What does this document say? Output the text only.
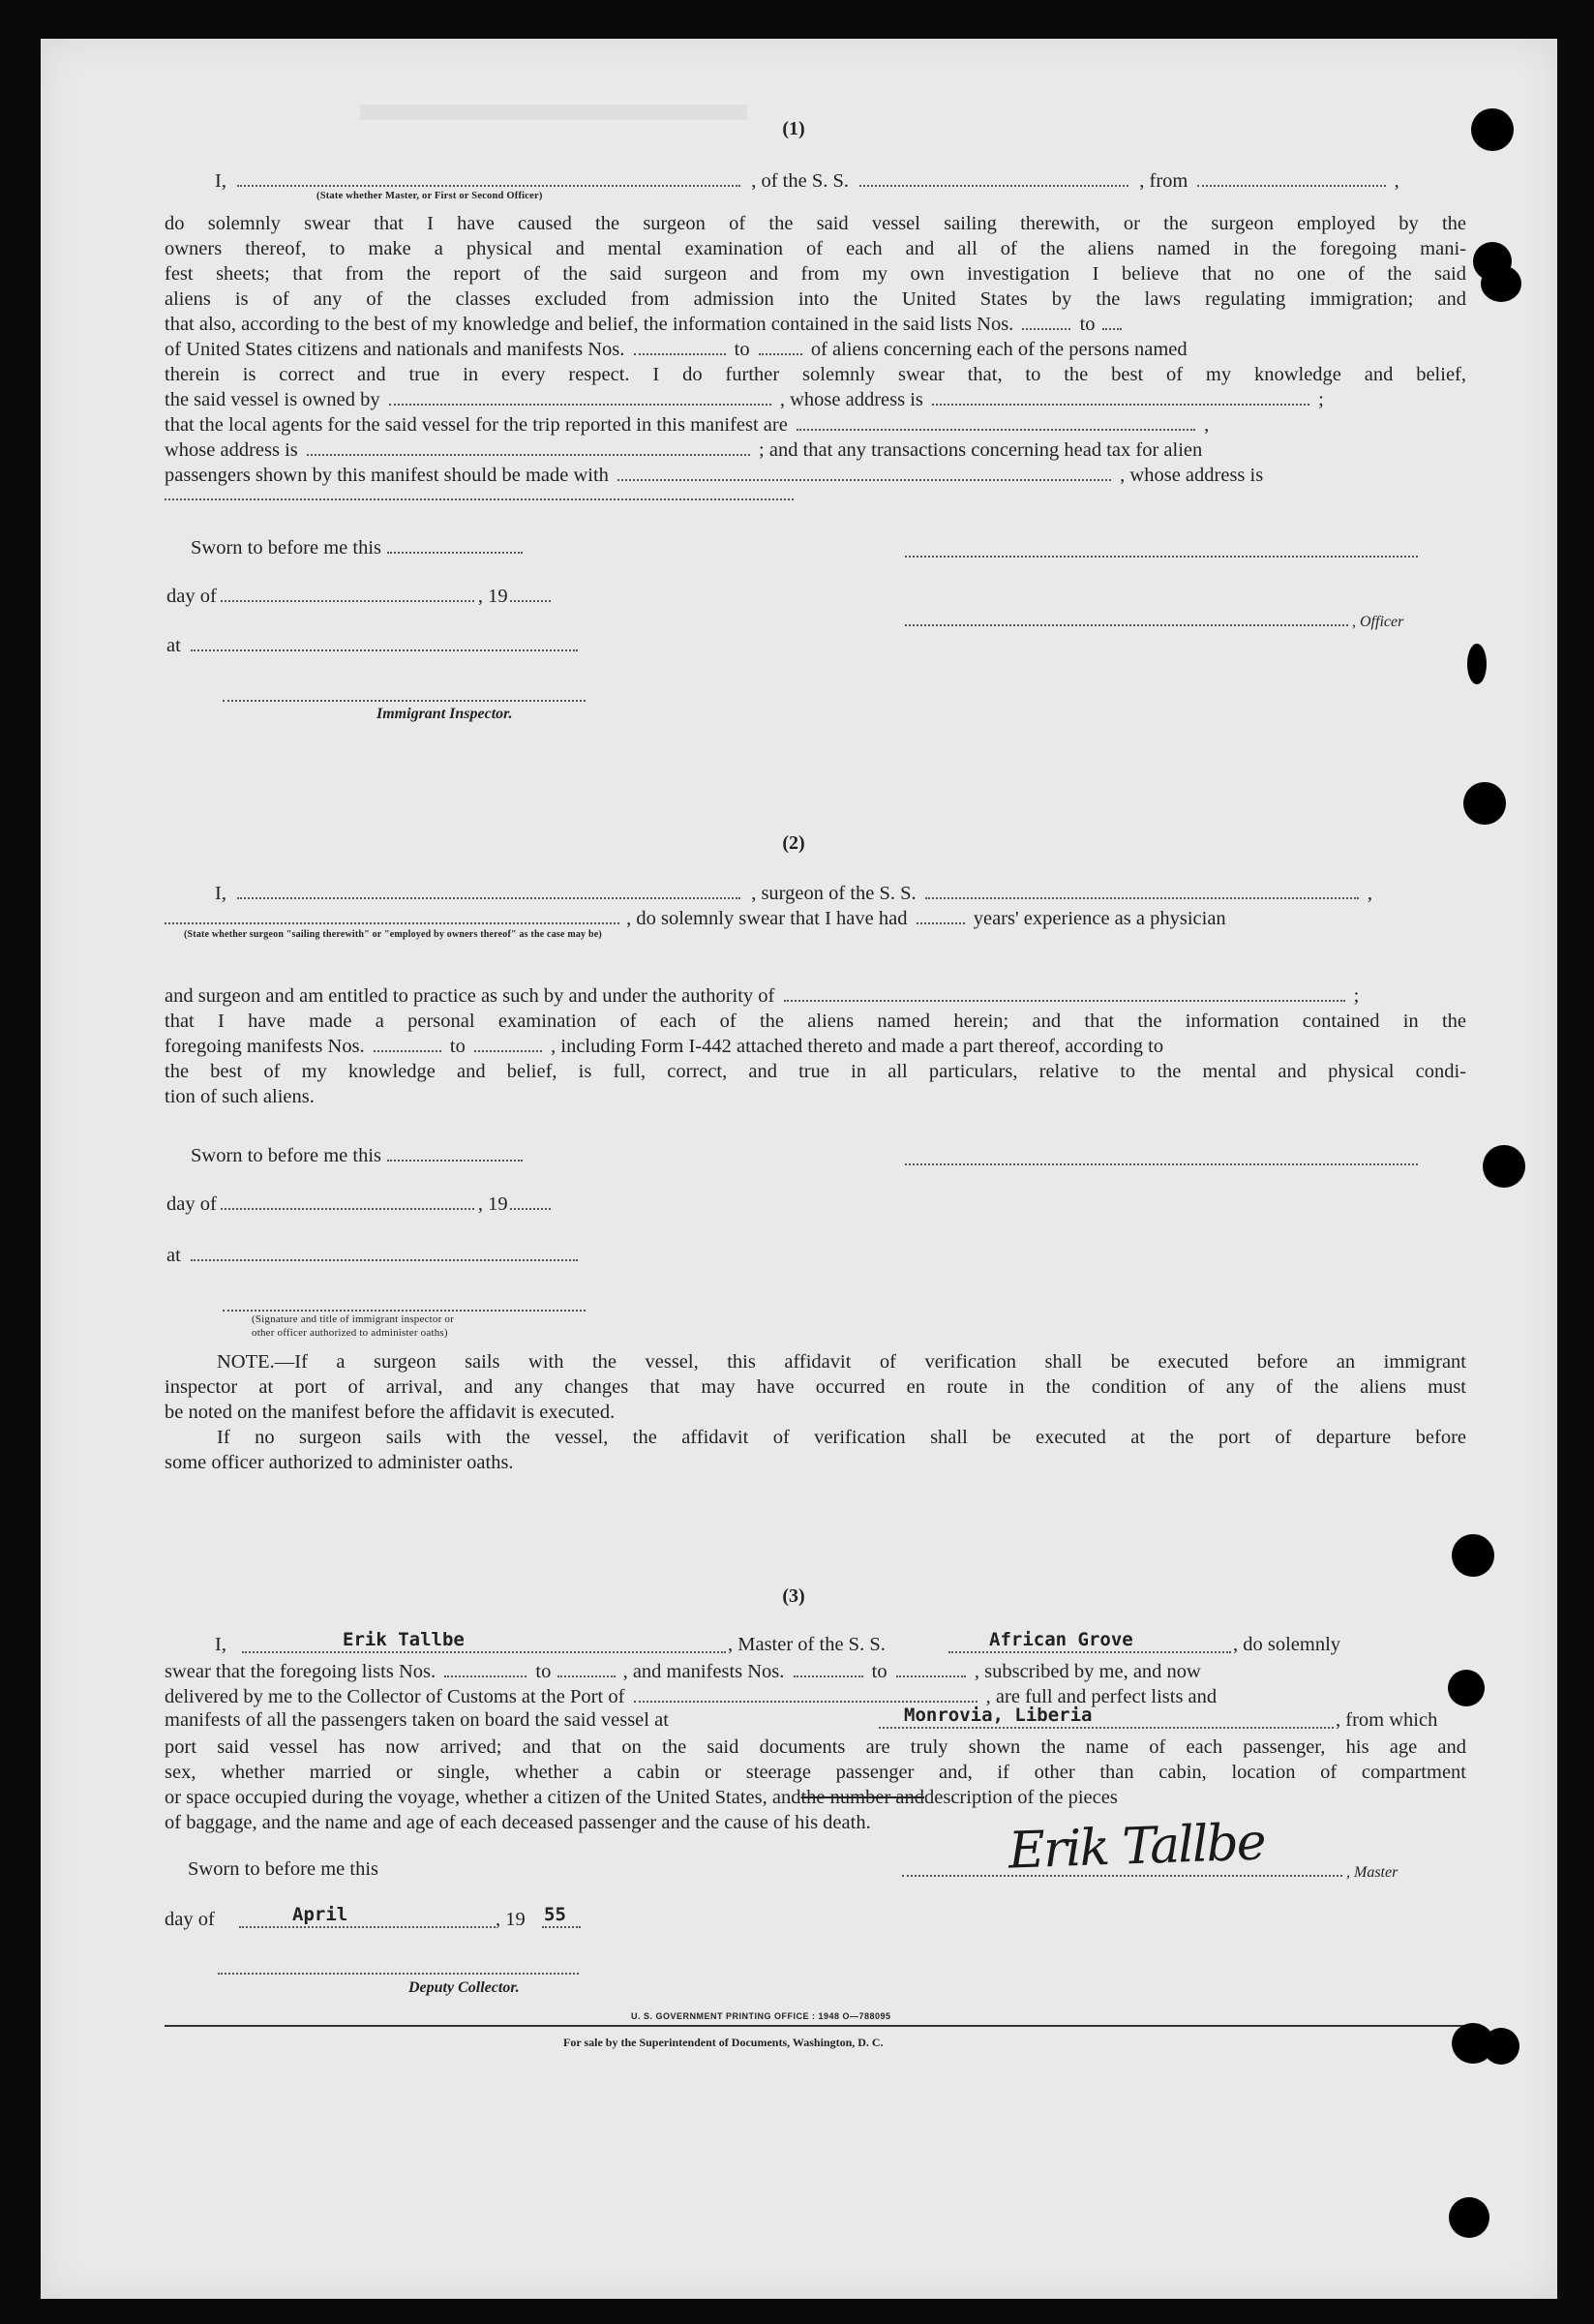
(1)
I,	, of the S. S.	, from	,
(State whether Master, or First or Second Officer)
do solemnly swear that I have caused the surgeon of the said vessel sailing therewith, or the surgeon employed by the
owners thereof, to make a physical and mental examination of each and all of the aliens named in the foregoing mani-
fest sheets; that from the report of the said surgeon and from my own investigation I believe that no one of the said
aliens is of any of the classes excluded from admission into the United States by the laws regulating immigration; and
that also, according to the best of my knowledge and belief, the information contained in the said lists Nos.	to
of United States citizens and nationals and manifests Nos.	to	of aliens concerning each of the persons named
therein is correct and true in every respect. I do further solemnly swear that, to the best of my knowledge and belief,
the said vessel is owned by	, whose address is	;
that the local agents for the said vessel for the trip reported in this manifest are	,
whose address is	; and that any transactions concerning head tax for alien
passengers shown by this manifest should be made with	, whose address is
Sworn to before me this
day of	, 19
, Officer
at
Immigrant Inspector.
(2)
I,	, surgeon of the S. S.	,
, do solemnly swear that I have had	years' experience as a physician
(State whether surgeon "sailing therewith" or "employed by owners thereof" as the case may be)
and surgeon and am entitled to practice as such by and under the authority of	;
that I have made a personal examination of each of the aliens named herein; and that the information contained in the
foregoing manifests Nos.	to	, including Form I-442 attached thereto and made a part thereof, according to
the best of my knowledge and belief, is full, correct, and true in all particulars, relative to the mental and physical condi-
tion of such aliens.
Sworn to before me this
day of	, 19
at
(Signature and title of immigrant inspector or
other officer authorized to administer oaths)
NOTE.—If a surgeon sails with the vessel, this affidavit of verification shall be executed before an immigrant
inspector at port of arrival, and any changes that may have occurred en route in the condition of any of the aliens must
be noted on the manifest before the affidavit is executed.
If no surgeon sails with the vessel, the affidavit of verification shall be executed at the port of departure before
some officer authorized to administer oaths.
(3)
I,	Erik Tallbe	, Master of the S. S.	African Grove	, do solemnly
swear that the foregoing lists Nos.	to	, and manifests Nos.	to	, subscribed by me, and now
delivered by me to the Collector of Customs at the Port of	, are full and perfect lists and
manifests of all the passengers taken on board the said vessel at	Monrovia, Liberia	, from which
port said vessel has now arrived; and that on the said documents are truly shown the name of each passenger, his age and
sex, whether married or single, whether a cabin or steerage passenger and, if other than cabin, location of compartment
or space occupied during the voyage, whether a citizen of the United States, andthe number anddescription of the pieces
of baggage, and the name and age of each deceased passenger and the cause of his death.	Erik Tallbe
Sworn to before me this	, Master
day of	April	, 19 55
Deputy Collector.
U. S. GOVERNMENT PRINTING OFFICE : 1948 O—788095
For sale by the Superintendent of Documents, Washington, D. C.
